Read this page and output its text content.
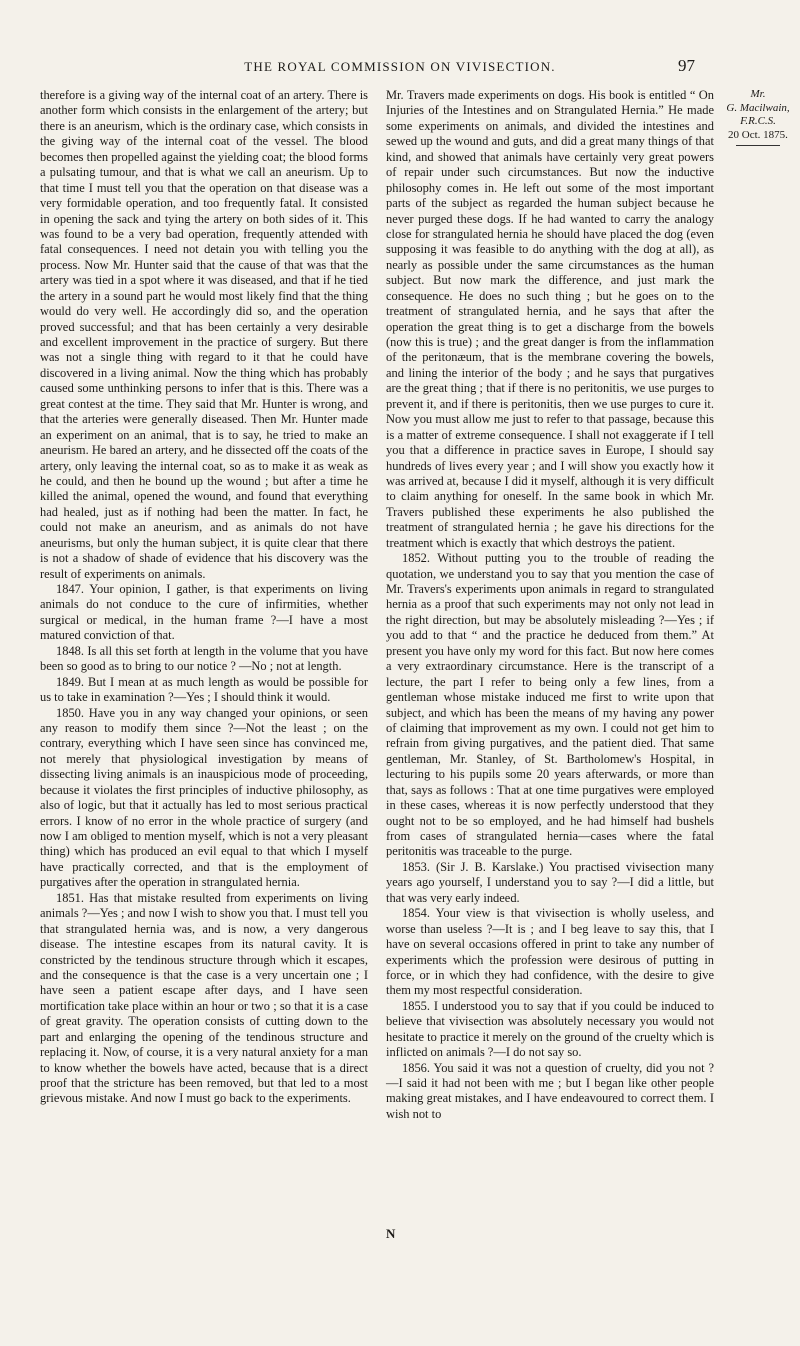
THE ROYAL COMMISSION ON VIVISECTION.	97

therefore is a giving way of the internal coat of an artery. There is another form which consists in the enlargement of the artery; but there is an aneurism, which is the ordinary case, which consists in the giving way of the internal coat of the vessel. The blood becomes then propelled against the yielding coat; the blood forms a pulsating tumour, and that is what we call an aneurism. Up to that time I must tell you that the operation on that disease was a very formidable operation, and too frequently fatal. It consisted in opening the sack and tying the artery on both sides of it. This was found to be a very bad operation, frequently attended with fatal consequences. I need not detain you with telling you the process. Now Mr. Hunter said that the cause of that was that the artery was tied in a spot where it was diseased, and that if he tied the artery in a sound part he would most likely find that the thing would do very well. He accordingly did so, and the operation proved successful; and that has been certainly a very desirable and excellent improvement in the practice of surgery. But there was not a single thing with regard to it that he could have discovered in a living animal. Now the thing which has probably caused some unthinking persons to infer that is this. There was a great contest at the time. They said that Mr. Hunter is wrong, and that the arteries were generally diseased. Then Mr. Hunter made an experiment on an animal, that is to say, he tried to make an aneurism. He bared an artery, and he dissected off the coats of the artery, only leaving the internal coat, so as to make it as weak as he could, and then he bound up the wound ; but after a time he killed the animal, opened the wound, and found that everything had healed, just as if nothing had been the matter. In fact, he could not make an aneurism, and as animals do not have aneurisms, but only the human subject, it is quite clear that there is not a shadow of shade of evidence that his discovery was the result of experiments on animals.

1847. Your opinion, I gather, is that experiments on living animals do not conduce to the cure of infirmities, whether surgical or medical, in the human frame ?—I have a most matured conviction of that.

1848. Is all this set forth at length in the volume that you have been so good as to bring to our notice ? —No ; not at length.

1849. But I mean at as much length as would be possible for us to take in examination ?—Yes ; I should think it would.

1850. Have you in any way changed your opinions, or seen any reason to modify them since ?—Not the least ; on the contrary, everything which I have seen since has convinced me, not merely that physiological investigation by means of dissecting living animals is an inauspicious mode of proceeding, because it violates the first principles of inductive philosophy, as also of logic, but that it actually has led to most serious practical errors. I know of no error in the whole practice of surgery (and now I am obliged to mention myself, which is not a very pleasant thing) which has produced an evil equal to that which I myself have practically corrected, and that is the employment of purgatives after the operation in strangulated hernia.

1851. Has that mistake resulted from experiments on living animals ?—Yes ; and now I wish to show you that. I must tell you that strangulated hernia was, and is now, a very dangerous disease. The intestine escapes from its natural cavity. It is constricted by the tendinous structure through which it escapes, and the consequence is that the case is a very uncertain one ; I have seen a patient escape after days, and I have seen mortification take place within an hour or two ; so that it is a case of great gravity. The operation consists of cutting down to the part and enlarging the opening of the tendinous structure and replacing it. Now, of course, it is a very natural anxiety for a man to know whether the bowels have acted, because that is a direct proof that the stricture has been removed, but that led to a most grievous mistake. And now I must go back to the experiments.

Mr. Travers made experiments on dogs. His book is entitled “ On Injuries of the Intestines and on Strangulated Hernia.” He made some experiments on animals, and divided the intestines and sewed up the wound and guts, and did a great many things of that kind, and showed that animals have certainly very great powers of repair under such circumstances. But now the inductive philosophy comes in. He left out some of the most important parts of the subject as regarded the human subject because he never purged these dogs. If he had wanted to carry the analogy close for strangulated hernia he should have placed the dog (even supposing it was feasible to do anything with the dog at all), as nearly as possible under the same circumstances as the human subject. But now mark the difference, and just mark the consequence. He does no such thing ; but he goes on to the treatment of strangulated hernia, and he says that after the operation the great thing is to get a discharge from the bowels (now this is true) ; and the great danger is from the inflammation of the peritonæum, that is the membrane covering the bowels, and lining the interior of the body ; and he says that purgatives are the great thing ; that if there is no peritonitis, we use purges to prevent it, and if there is peritonitis, then we use purges to cure it. Now you must allow me just to refer to that passage, because this is a matter of extreme consequence. I shall not exaggerate if I tell you that a difference in practice saves in Europe, I should say hundreds of lives every year ; and I will show you exactly how it was arrived at, because I did it myself, although it is very difficult to claim anything for oneself. In the same book in which Mr. Travers published these experiments he also published the treatment of strangulated hernia ; he gave his directions for the treatment which is exactly that which destroys the patient.

1852. Without putting you to the trouble of reading the quotation, we understand you to say that you mention the case of Mr. Travers's experiments upon animals in regard to strangulated hernia as a proof that such experiments may not only not lead in the right direction, but may be absolutely misleading ?—Yes ; if you add to that “ and the practice he deduced from them.” At present you have only my word for this fact. But now here comes a very extraordinary circumstance. Here is the transcript of a lecture, the part I refer to being only a few lines, from a gentleman whose mistake induced me first to write upon that subject, and which has been the means of my having any power of claiming that improvement as my own. I could not get him to refrain from giving purgatives, and the patient died. That same gentleman, Mr. Stanley, of St. Bartholomew's Hospital, in lecturing to his pupils some 20 years afterwards, or more than that, says as follows : That at one time purgatives were employed in these cases, whereas it is now perfectly understood that they ought not to be so employed, and he had himself had bushels from cases of strangulated hernia—cases where the fatal peritonitis was traceable to the purge.

1853. (Sir J. B. Karslake.) You practised vivisection many years ago yourself, I understand you to say ?—I did a little, but that was very early indeed.

1854. Your view is that vivisection is wholly useless, and worse than useless ?—It is ; and I beg leave to say this, that I have on several occasions offered in print to take any number of experiments which the profession were desirous of putting in force, or in which they had confidence, with the desire to give them my most respectful consideration.

1855. I understood you to say that if you could be induced to believe that vivisection was absolutely necessary you would not hesitate to practice it merely on the ground of the cruelty which is inflicted on animals ?—I do not say so.

1856. You said it was not a question of cruelty, did you not ?—I said it had not been with me ; but I began like other people making great mistakes, and I have endeavoured to correct them. I wish not to

Mr.
G. Macilwain,
F.R.C.S.
20 Oct. 1875.
N
